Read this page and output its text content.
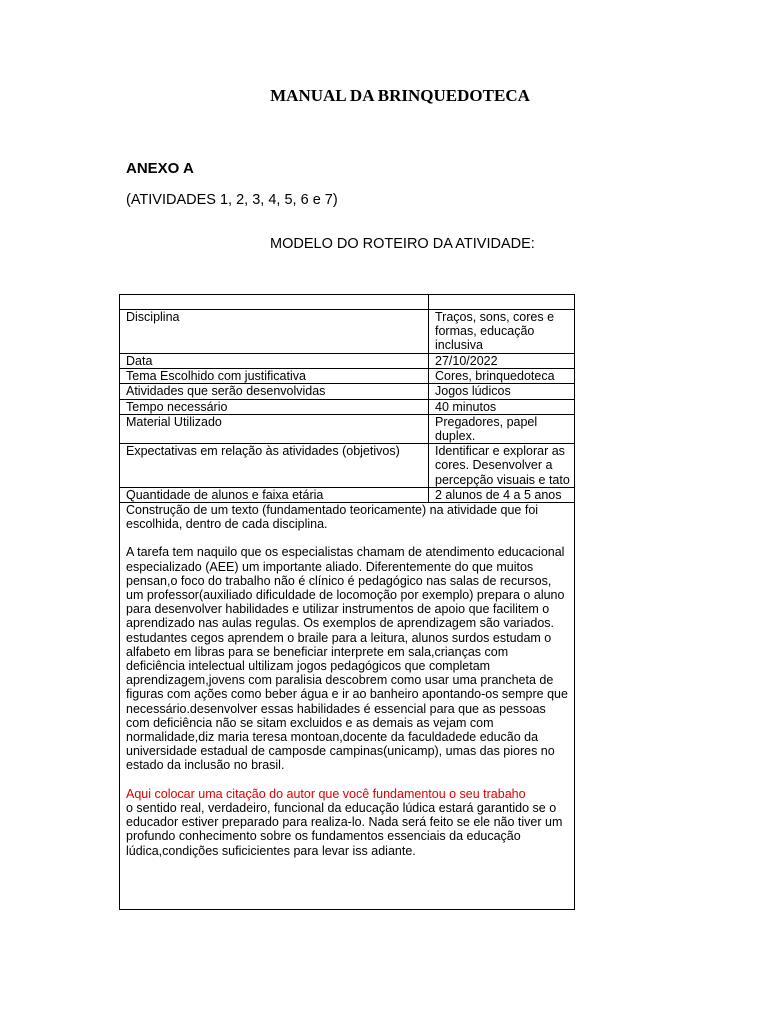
MANUAL DA BRINQUEDOTECA
ANEXO A
(ATIVIDADES 1, 2, 3, 4, 5, 6 e 7)
MODELO DO ROTEIRO DA ATIVIDADE:
Disciplina	Traços, sons, cores e formas, educação inclusiva
Data	27/10/2022
Tema Escolhido com justificativa	Cores, brinquedoteca
Atividades que serão desenvolvidas	Jogos lúdicos
Tempo necessário	40 minutos
Material Utilizado	Pregadores, papel duplex.
Expectativas em relação às atividades (objetivos)	Identificar e explorar as cores. Desenvolver a percepção visuais e tato
Quantidade de alunos e faixa etária	2 alunos de 4 a 5 anos

Construção de um texto (fundamentado teoricamente) na atividade que foi escolhida, dentro de cada disciplina.

A tarefa tem naquilo que os especialistas chamam de atendimento educacional especializado (AEE) um importante aliado. Diferentemente do que muitos pensan,o foco do trabalho não é clínico é pedagógico nas salas de recursos, um professor(auxiliado dificuldade de locomoção por exemplo) prepara o aluno para desenvolver habilidades e utilizar instrumentos de apoio que facilitem o aprendizado nas aulas regulas. Os exemplos de aprendizagem são variados. estudantes cegos aprendem o braile para a leitura, alunos surdos estudam o alfabeto em libras para se beneficiar interprete em sala,crianças com deficiência intelectual ultilizam jogos pedagógicos que completam aprendizagem,jovens com paralisia descobrem como usar uma prancheta de figuras com ações como beber água e ir ao banheiro apontando-os sempre que necessário.desenvolver essas habilidades é essencial para que as pessoas com deficiência não se sitam excluidos e as demais as vejam com normalidade,diz maria teresa montoan,docente da faculdadede educão da universidade estadual de camposde campinas(unicamp), umas das piores no estado da inclusão no brasil.

Aqui colocar uma citação do autor que você fundamentou o seu trabaho

o sentido real, verdadeiro, funcional da educação lúdica estará garantido se o educador estiver preparado para realiza-lo. Nada será feito se ele não tiver um profundo conhecimento sobre os fundamentos essenciais da educação lúdica,condições suficicientes para levar iss adiante.
